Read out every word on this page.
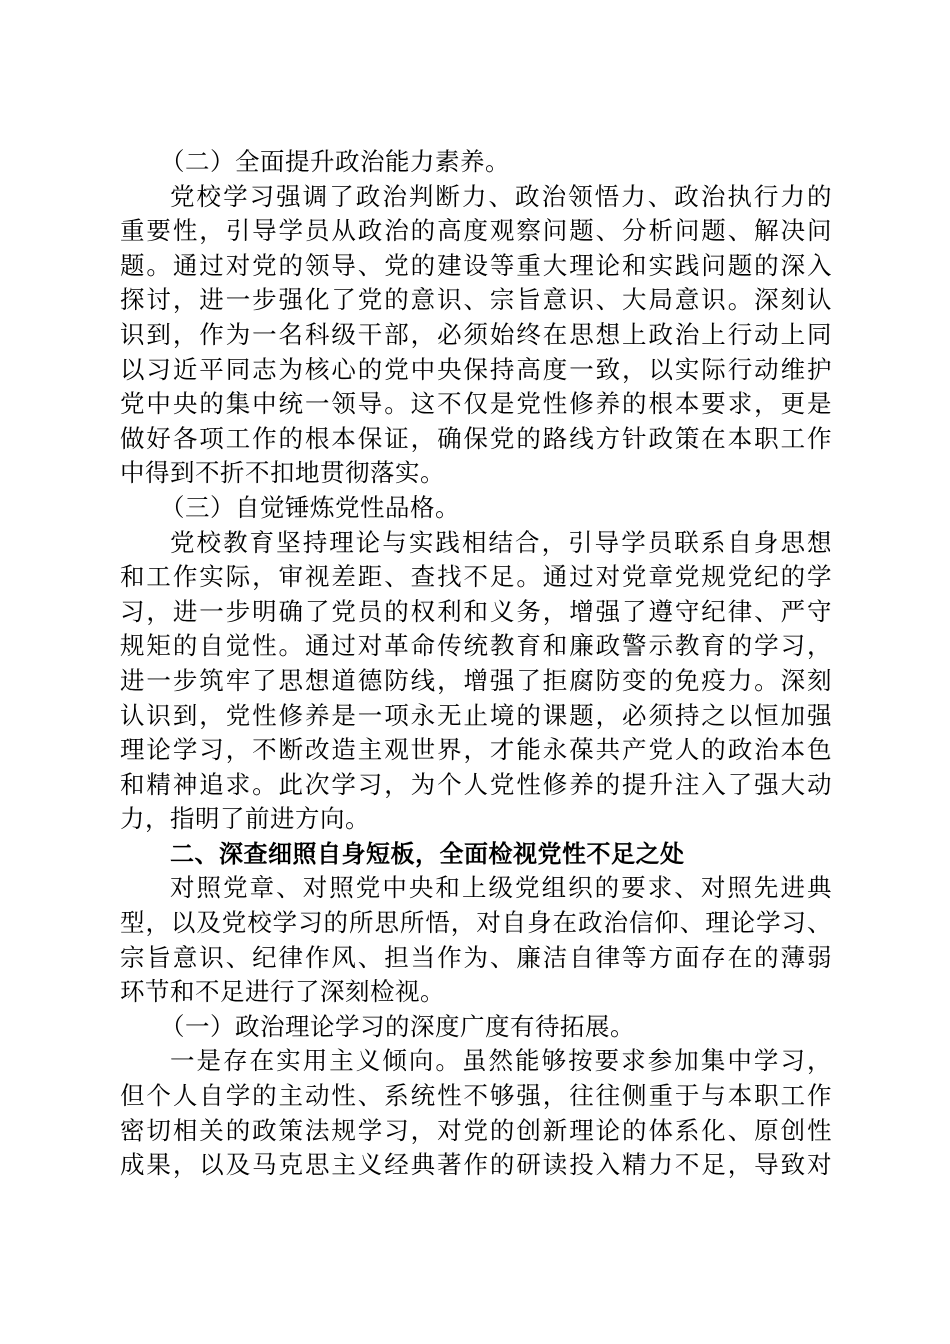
（二）全面提升政治能力素养。
党校学习强调了政治判断力、政治领悟力、政治执行力的
重要性，引导学员从政治的高度观察问题、分析问题、解决问
题。通过对党的领导、党的建设等重大理论和实践问题的深入
探讨，进一步强化了党的意识、宗旨意识、大局意识。深刻认
识到，作为一名科级干部，必须始终在思想上政治上行动上同
以习近平同志为核心的党中央保持高度一致，以实际行动维护
党中央的集中统一领导。这不仅是党性修养的根本要求，更是
做好各项工作的根本保证，确保党的路线方针政策在本职工作
中得到不折不扣地贯彻落实。
（三）自觉锤炼党性品格。
党校教育坚持理论与实践相结合，引导学员联系自身思想
和工作实际，审视差距、查找不足。通过对党章党规党纪的学
习，进一步明确了党员的权利和义务，增强了遵守纪律、严守
规矩的自觉性。通过对革命传统教育和廉政警示教育的学习，
进一步筑牢了思想道德防线，增强了拒腐防变的免疫力。深刻
认识到，党性修养是一项永无止境的课题，必须持之以恒加强
理论学习，不断改造主观世界，才能永葆共产党人的政治本色
和精神追求。此次学习，为个人党性修养的提升注入了强大动
力，指明了前进方向。
二、深查细照自身短板，全面检视党性不足之处
对照党章、对照党中央和上级党组织的要求、对照先进典
型，以及党校学习的所思所悟，对自身在政治信仰、理论学习、
宗旨意识、纪律作风、担当作为、廉洁自律等方面存在的薄弱
环节和不足进行了深刻检视。
（一）政治理论学习的深度广度有待拓展。
一是存在实用主义倾向。虽然能够按要求参加集中学习，
但个人自学的主动性、系统性不够强，往往侧重于与本职工作
密切相关的政策法规学习，对党的创新理论的体系化、原创性
成果，以及马克思主义经典著作的研读投入精力不足，导致对
